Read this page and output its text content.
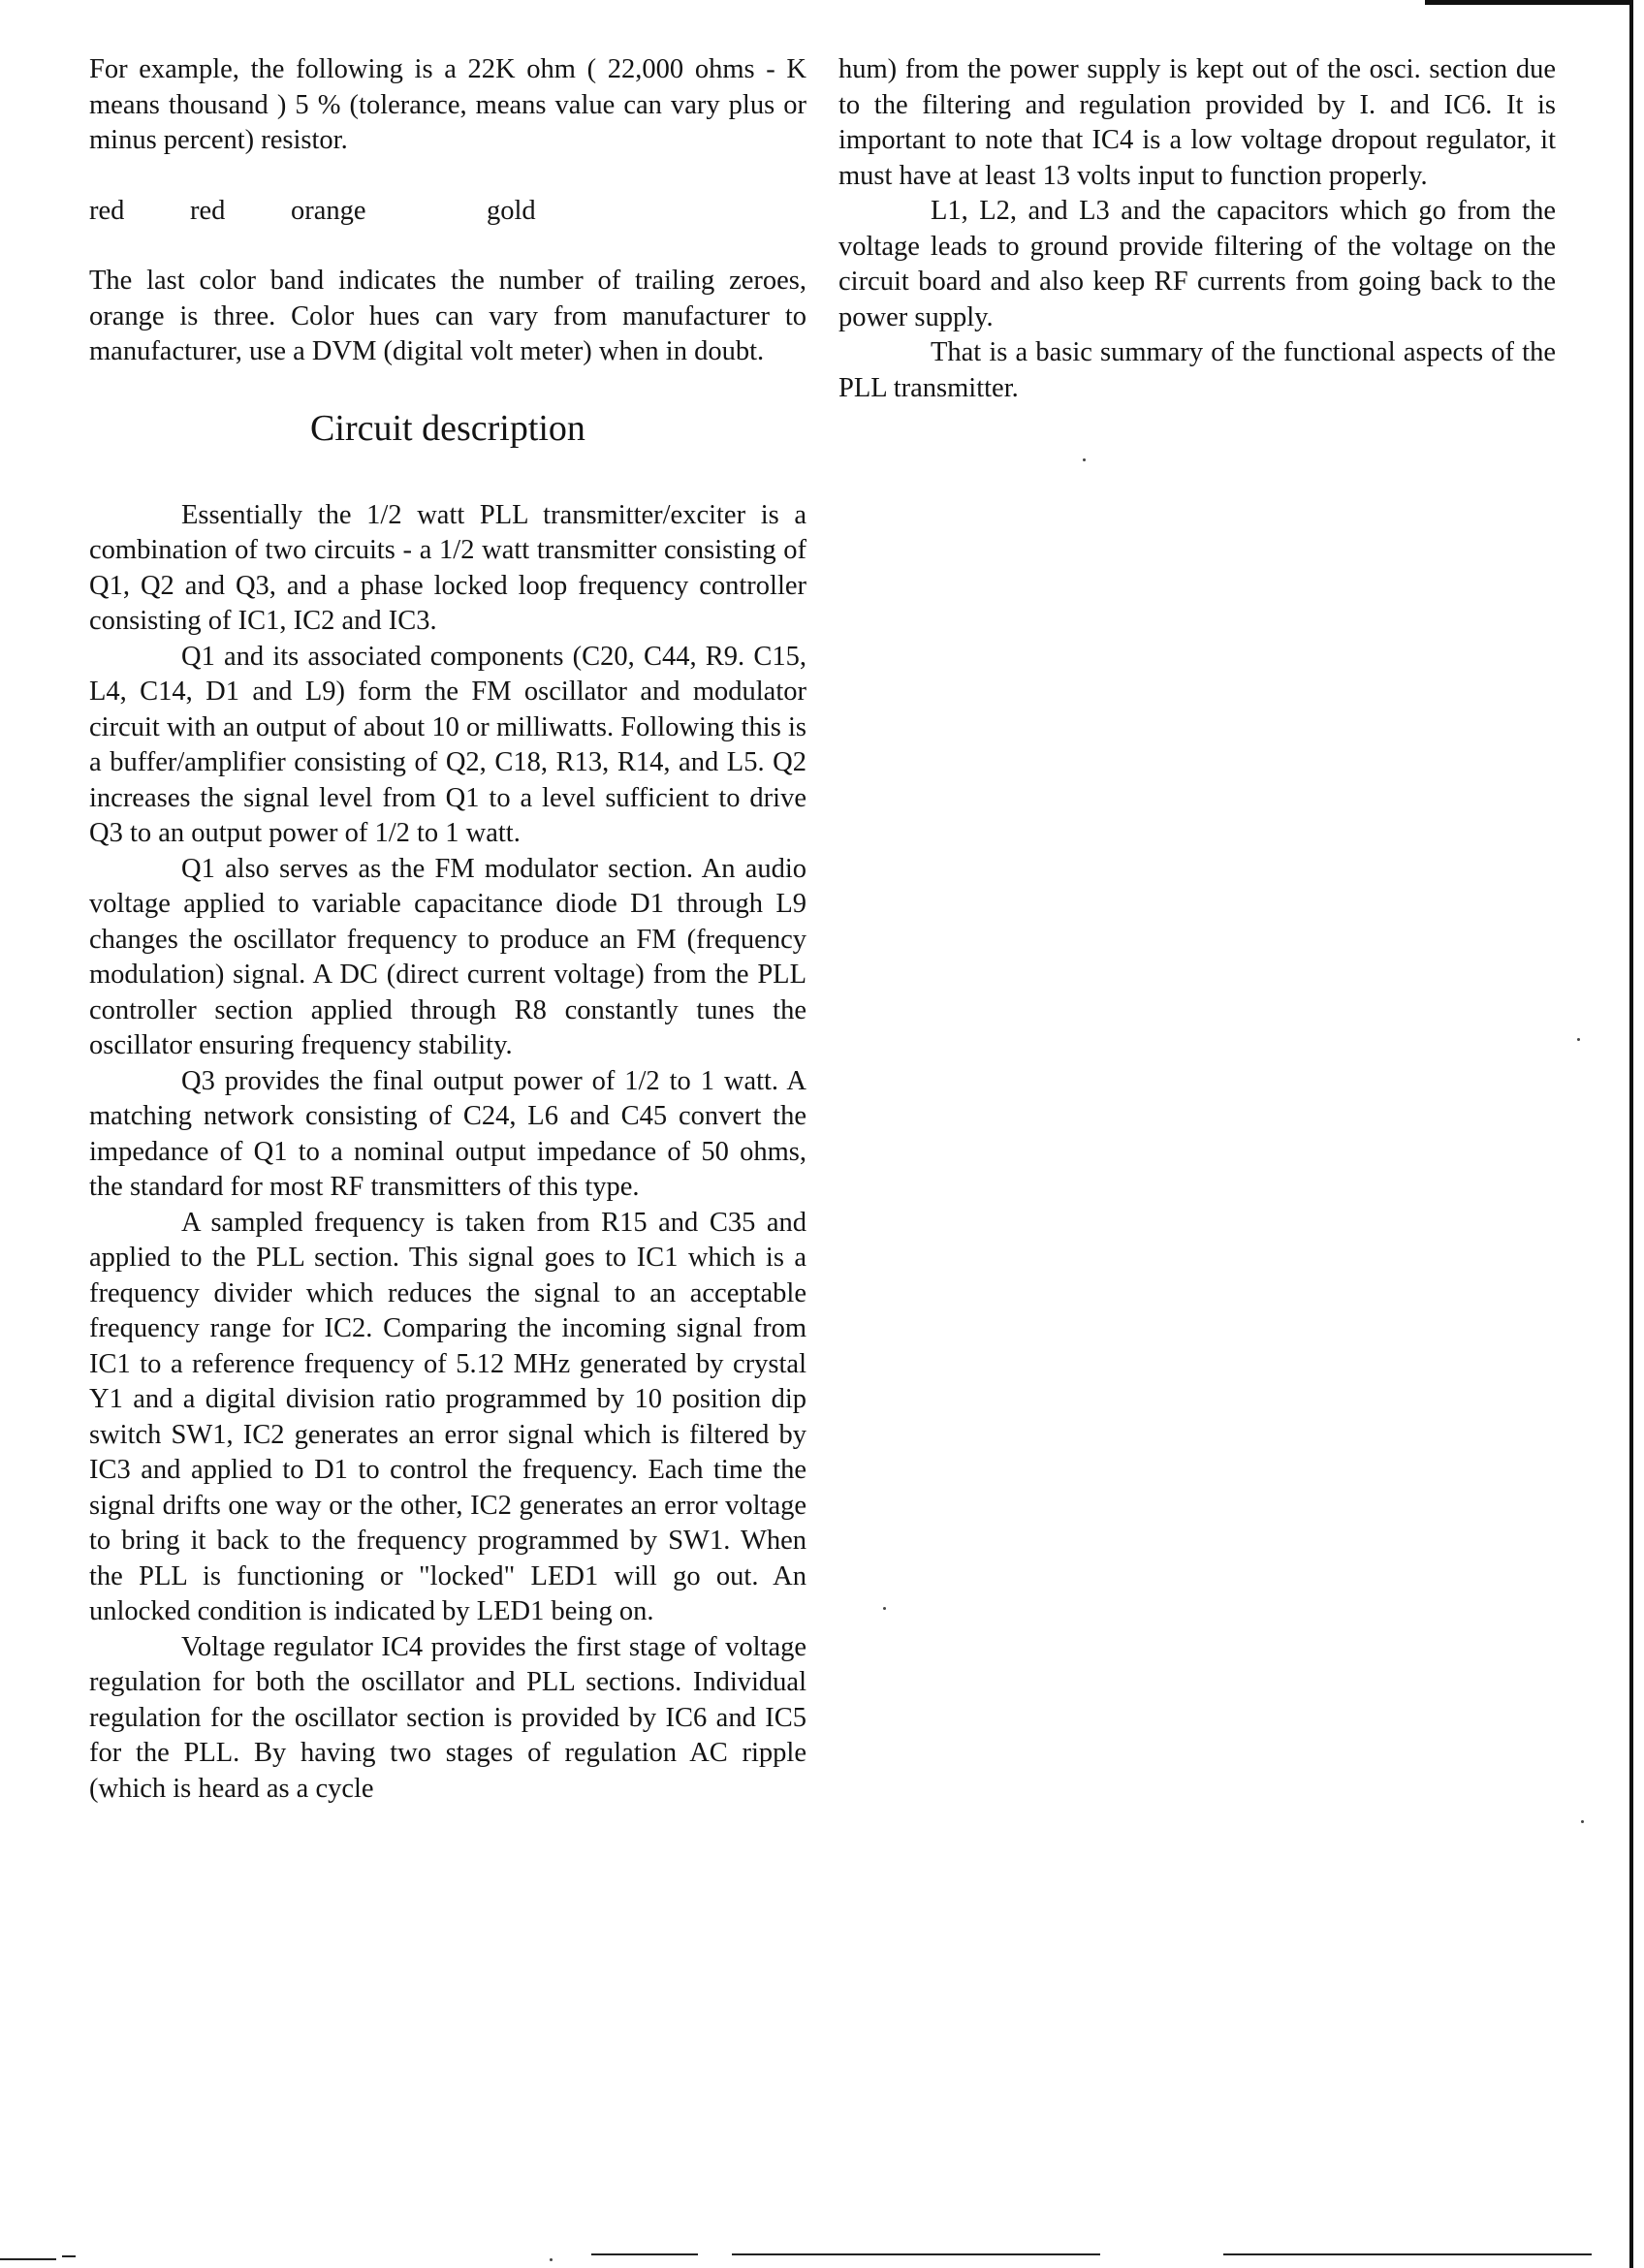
For example, the following is a 22K ohm ( 22,000 ohms - K means thousand ) 5 % (tolerance, means value can vary plus or minus percent) resistor.

red	red	orange	gold

The last color band indicates the number of trailing zeroes, orange is three. Color hues can vary from manufacturer to manufacturer, use a DVM (digital volt meter) when in doubt.

Circuit description

Essentially the 1/2 watt PLL transmitter/exciter is a combination of two circuits - a 1/2 watt transmitter consisting of Q1, Q2 and Q3, and a phase locked loop frequency controller consisting of IC1, IC2 and IC3.

Q1 and its associated components (C20, C44, R9. C15, L4, C14, D1 and L9) form the FM oscillator and modulator circuit with an output of about 10 or milliwatts. Following this is a buffer/amplifier consisting of Q2, C18, R13, R14, and L5. Q2 increases the signal level from Q1 to a level sufficient to drive Q3 to an output power of 1/2 to 1 watt.

Q1 also serves as the FM modulator section. An audio voltage applied to variable capacitance diode D1 through L9 changes the oscillator frequency to produce an FM (frequency modulation) signal. A DC (direct current voltage) from the PLL controller section applied through R8 constantly tunes the oscillator ensuring frequency stability.

Q3 provides the final output power of 1/2 to 1 watt. A matching network consisting of C24, L6 and C45 convert the impedance of Q1 to a nominal output impedance of 50 ohms, the standard for most RF transmitters of this type.

A sampled frequency is taken from R15 and C35 and applied to the PLL section. This signal goes to IC1 which is a frequency divider which reduces the signal to an acceptable frequency range for IC2. Comparing the incoming signal from IC1 to a reference frequency of 5.12 MHz generated by crystal Y1 and a digital division ratio programmed by 10 position dip switch SW1, IC2 generates an error signal which is filtered by IC3 and applied to D1 to control the frequency. Each time the signal drifts one way or the other, IC2 generates an error voltage to bring it back to the frequency programmed by SW1. When the PLL is functioning or "locked" LED1 will go out. An unlocked condition is indicated by LED1 being on.

Voltage regulator IC4 provides the first stage of voltage regulation for both the oscillator and PLL sections. Individual regulation for the oscillator section is provided by IC6 and IC5 for the PLL. By having two stages of regulation AC ripple (which is heard as a cycle

hum) from the power supply is kept out of the osci. section due to the filtering and regulation provided by I. and IC6. It is important to note that IC4 is a low voltage dropout regulator, it must have at least 13 volts input to function properly.

L1, L2, and L3 and the capacitors which go from the voltage leads to ground provide filtering of the voltage on the circuit board and also keep RF currents from going back to the power supply.

That is a basic summary of the functional aspects of the PLL transmitter.
